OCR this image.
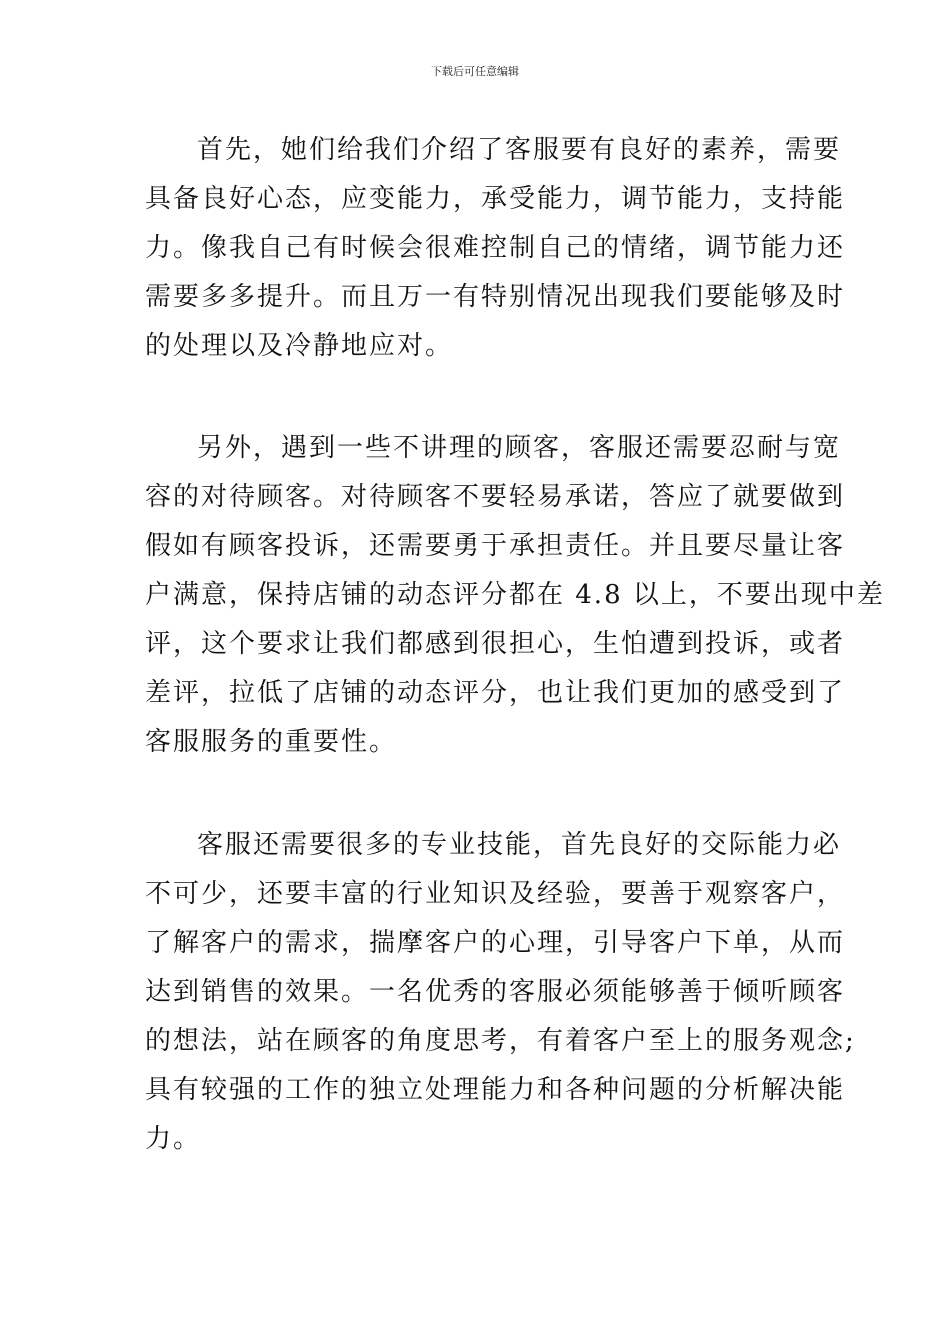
下载后可任意编辑
首先，她们给我们介绍了客服要有良好的素养，需要
具备良好心态，应变能力，承受能力，调节能力，支持能
力。像我自己有时候会很难控制自己的情绪，调节能力还
需要多多提升。而且万一有特别情况出现我们要能够及时
的处理以及冷静地应对。
另外，遇到一些不讲理的顾客，客服还需要忍耐与宽
容的对待顾客。对待顾客不要轻易承诺，答应了就要做到
假如有顾客投诉，还需要勇于承担责任。并且要尽量让客
户满意，保持店铺的动态评分都在 4.8 以上，不要出现中差
评，这个要求让我们都感到很担心，生怕遭到投诉，或者
差评，拉低了店铺的动态评分，也让我们更加的感受到了
客服服务的重要性。
客服还需要很多的专业技能，首先良好的交际能力必
不可少，还要丰富的行业知识及经验，要善于观察客户，
了解客户的需求，揣摩客户的心理，引导客户下单，从而
达到销售的效果。一名优秀的客服必须能够善于倾听顾客
的想法，站在顾客的角度思考，有着客户至上的服务观念;
具有较强的工作的独立处理能力和各种问题的分析解决能
力。
